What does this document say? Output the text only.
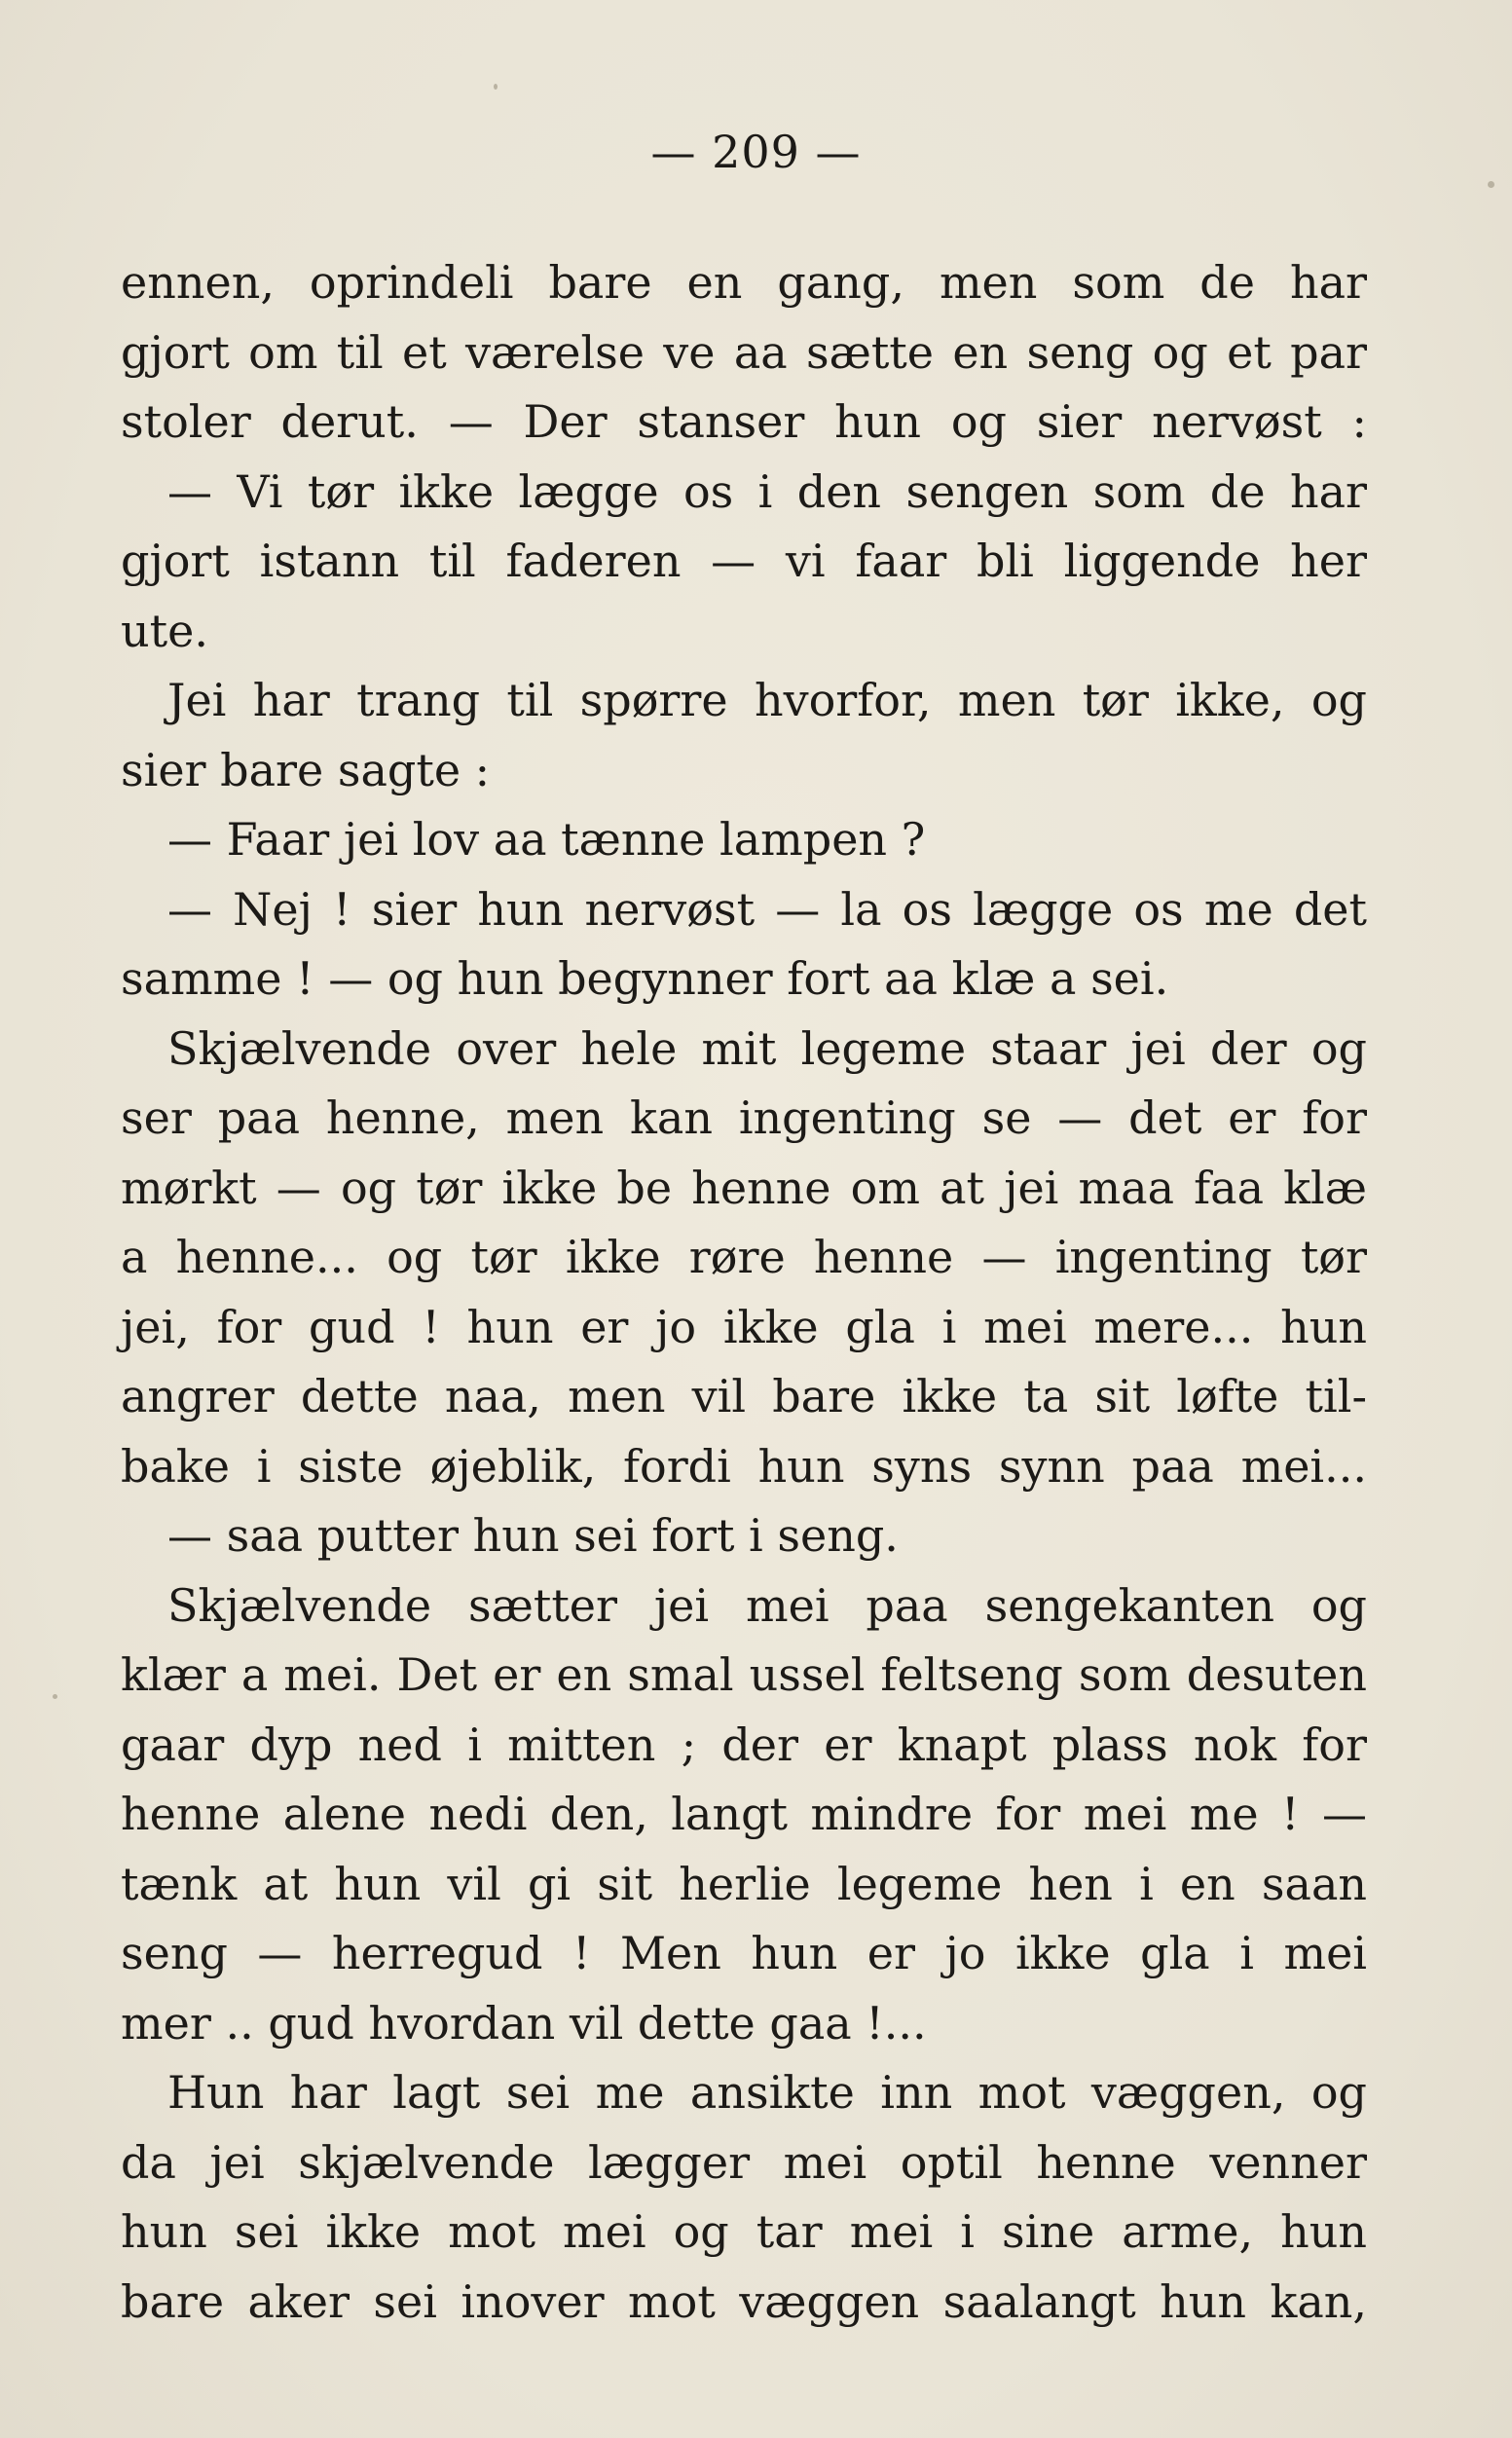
— 209 —
ennen, oprindeli bare en gang, men som de har
gjort om til et værelse ve aa sætte en seng og et par
stoler derut. — Der stanser hun og sier nervøst :
— Vi tør ikke lægge os i den sengen som de har
gjort istann til faderen — vi faar bli liggende her
ute.
Jei har trang til spørre hvorfor, men tør ikke, og
sier bare sagte :
— Faar jei lov aa tænne lampen ?
— Nej ! sier hun nervøst — la os lægge os me det
samme ! — og hun begynner fort aa klæ a sei.
Skjælvende over hele mit legeme staar jei der og
ser paa henne, men kan ingenting se — det er for
mørkt — og tør ikke be henne om at jei maa faa klæ
a henne... og tør ikke røre henne — ingenting tør
jei, for gud ! hun er jo ikke gla i mei mere... hun
angrer dette naa, men vil bare ikke ta sit løfte til-
bake i siste øjeblik, fordi hun syns synn paa mei...
— saa putter hun sei fort i seng.
Skjælvende sætter jei mei paa sengekanten og
klær a mei. Det er en smal ussel feltseng som desuten
gaar dyp ned i mitten ; der er knapt plass nok for
henne alene nedi den, langt mindre for mei me ! —
tænk at hun vil gi sit herlie legeme hen i en saan
seng — herregud ! Men hun er jo ikke gla i mei
mer .. gud hvordan vil dette gaa !...
Hun har lagt sei me ansikte inn mot væggen, og
da jei skjælvende lægger mei optil henne venner
hun sei ikke mot mei og tar mei i sine arme, hun
bare aker sei inover mot væggen saalangt hun kan,
